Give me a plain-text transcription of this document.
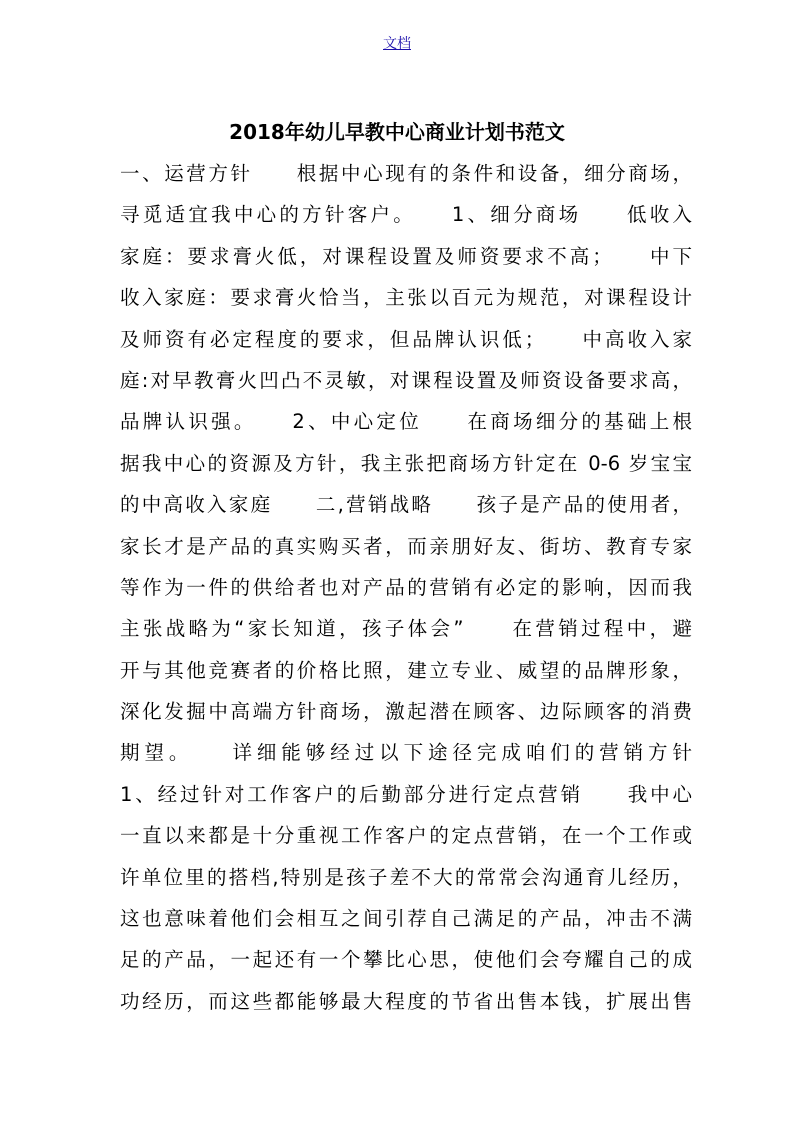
文档
2018年幼儿早教中心商业计划书范文
一、运营方针　　根据中心现有的条件和设备，细分商场，
寻觅适宜我中心的方针客户。　　1、细分商场　　低收入
家庭：要求膏火低，对课程设置及师资要求不高；　　中下
收入家庭：要求膏火恰当，主张以百元为规范，对课程设计
及师资有必定程度的要求，但品牌认识低；　　中高收入家
庭:对早教膏火凹凸不灵敏，对课程设置及师资设备要求高，
品牌认识强。　　2、中心定位　　在商场细分的基础上根
据我中心的资源及方针，我主张把商场方针定在 0-6 岁宝宝
的中高收入家庭　　二,营销战略　　孩子是产品的使用者，
家长才是产品的真实购买者，而亲朋好友、街坊、教育专家
等作为一件的供给者也对产品的营销有必定的影响，因而我
主张战略为“家长知道，孩子体会”　　在营销过程中，避
开与其他竞赛者的价格比照，建立专业、威望的品牌形象，
深化发掘中高端方针商场，激起潜在顾客、边际顾客的消费
期望。　　详细能够经过以下途径完成咱们的营销方针
1、经过针对工作客户的后勤部分进行定点营销　　我中心
一直以来都是十分重视工作客户的定点营销，在一个工作或
许单位里的搭档,特别是孩子差不大的常常会沟通育儿经历，
这也意味着他们会相互之间引荐自己满足的产品，冲击不满
足的产品，一起还有一个攀比心思，使他们会夸耀自己的成
功经历，而这些都能够最大程度的节省出售本钱，扩展出售
